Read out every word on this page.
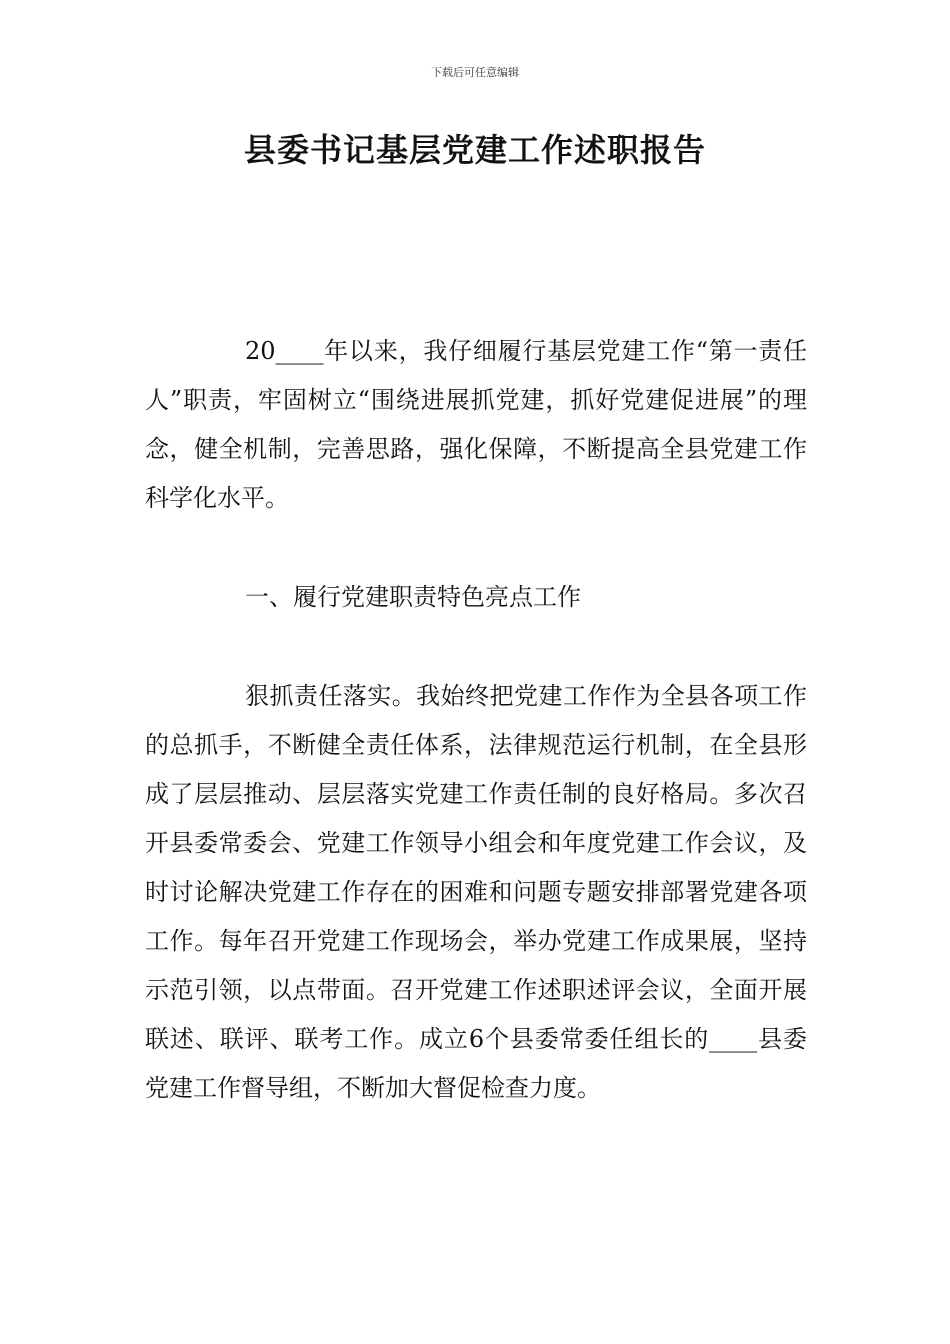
下载后可任意编辑
县委书记基层党建工作述职报告

20____年以来，我仔细履行基层党建工作“第一责任人”职责，牢固树立“围绕进展抓党建，抓好党建促进展”的理念，健全机制，完善思路，强化保障，不断提高全县党建工作科学化水平。

一、履行党建职责特色亮点工作

狠抓责任落实。我始终把党建工作作为全县各项工作的总抓手，不断健全责任体系，法律规范运行机制，在全县形成了层层推动、层层落实党建工作责任制的良好格局。多次召开县委常委会、党建工作领导小组会和年度党建工作会议，及时讨论解决党建工作存在的困难和问题专题安排部署党建各项工作。每年召开党建工作现场会，举办党建工作成果展，坚持示范引领，以点带面。召开党建工作述职述评会议，全面开展联述、联评、联考工作。成立6个县委常委任组长的____县委党建工作督导组，不断加大督促检查力度。
